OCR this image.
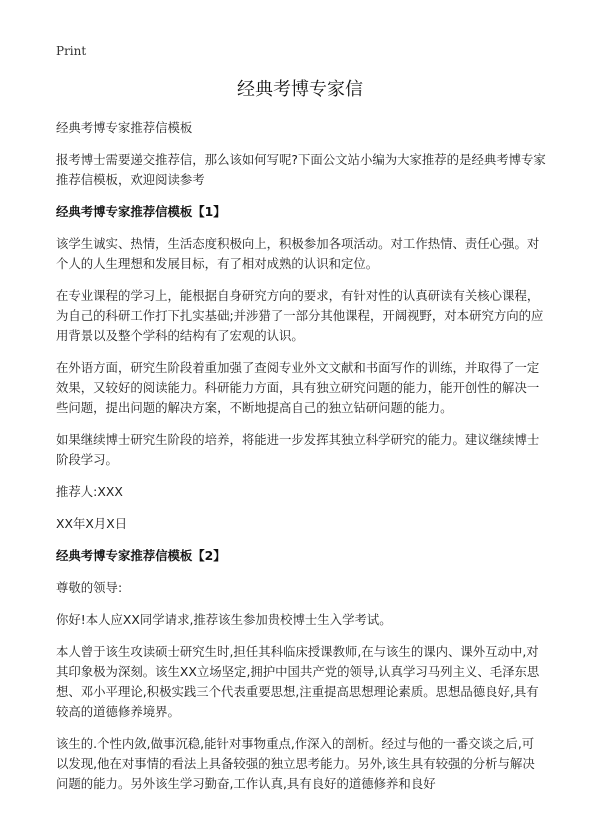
Print
经典考博专家信

经典考博专家推荐信模板

报考博士需要递交推荐信，那么该如何写呢?下面公文站小编为大家推荐的是经典考博专家推荐信模板，欢迎阅读参考

经典考博专家推荐信模板【1】

该学生诚实、热情，生活态度积极向上，积极参加各项活动。对工作热情、责任心强。对个人的人生理想和发展目标，有了相对成熟的认识和定位。

在专业课程的学习上，能根据自身研究方向的要求，有针对性的认真研读有关核心课程，为自己的科研工作打下扎实基础;并涉猎了一部分其他课程，开阔视野，对本研究方向的应用背景以及整个学科的结构有了宏观的认识。

在外语方面，研究生阶段着重加强了查阅专业外文文献和书面写作的训练，并取得了一定效果，又较好的阅读能力。科研能力方面，具有独立研究问题的能力，能开创性的解决一些问题，提出问题的解决方案，不断地提高自己的独立钻研问题的能力。

如果继续博士研究生阶段的培养，将能进一步发挥其独立科学研究的能力。建议继续博士阶段学习。

推荐人:XXX

XX年X月X日

经典考博专家推荐信模板【2】

尊敬的领导:

你好!本人应XX同学请求,推荐该生参加贵校博士生入学考试。

本人曾于该生攻读硕士研究生时,担任其科临床授课教师,在与该生的课内、课外互动中,对其印象极为深刻。该生XX立场坚定,拥护中国共产党的领导,认真学习马列主义、毛泽东思想、邓小平理论,积极实践三个代表重要思想,注重提高思想理论素质。思想品德良好,具有较高的道德修养境界。

该生的.个性内敛,做事沉稳,能针对事物重点,作深入的剖析。经过与他的一番交谈之后,可以发现,他在对事情的看法上具备较强的独立思考能力。另外,该生具有较强的分析与解决问题的能力。另外该生学习勤奋,工作认真,具有良好的道德修养和良好
